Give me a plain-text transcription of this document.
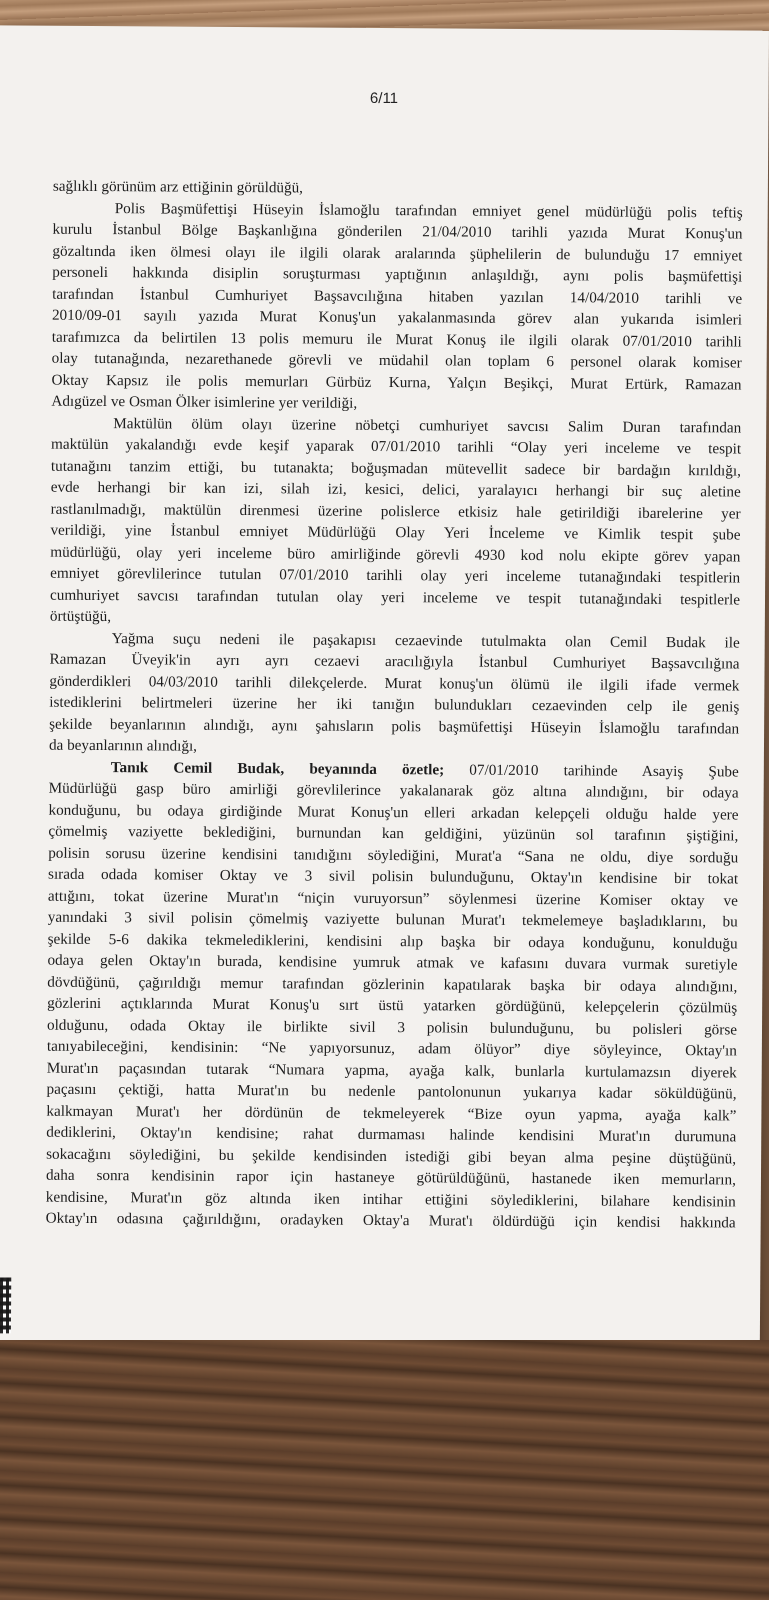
6/11
sağlıklı görünüm arz ettiğinin görüldüğü,
Polis Başmüfettişi Hüseyin İslamoğlu tarafından emniyet genel müdürlüğü polis teftiş
kurulu İstanbul Bölge Başkanlığına gönderilen 21/04/2010 tarihli yazıda Murat Konuş'un
gözaltında iken ölmesi olayı ile ilgili olarak aralarında şüphelilerin de bulunduğu 17 emniyet
personeli hakkında disiplin soruşturması yaptığının anlaşıldığı, aynı polis başmüfettişi
tarafından İstanbul Cumhuriyet Başsavcılığına hitaben yazılan 14/04/2010 tarihli ve
2010/09-01 sayılı yazıda Murat Konuş'un yakalanmasında görev alan yukarıda isimleri
tarafımızca da belirtilen 13 polis memuru ile Murat Konuş ile ilgili olarak 07/01/2010 tarihli
olay tutanağında, nezarethanede görevli ve müdahil olan toplam 6 personel olarak komiser
Oktay Kapsız ile polis memurları Gürbüz Kurna, Yalçın Beşikçi, Murat Ertürk, Ramazan
Adıgüzel ve Osman Ölker isimlerine yer verildiği,
Maktülün ölüm olayı üzerine nöbetçi cumhuriyet savcısı Salim Duran tarafından
maktülün yakalandığı evde keşif yaparak 07/01/2010 tarihli “Olay yeri inceleme ve tespit
tutanağını tanzim ettiği, bu tutanakta; boğuşmadan mütevellit sadece bir bardağın kırıldığı,
evde herhangi bir kan izi, silah izi, kesici, delici, yaralayıcı herhangi bir suç aletine
rastlanılmadığı, maktülün direnmesi üzerine polislerce etkisiz hale getirildiği ibarelerine yer
verildiği, yine İstanbul emniyet Müdürlüğü Olay Yeri İnceleme ve Kimlik tespit şube
müdürlüğü, olay yeri inceleme büro amirliğinde görevli 4930 kod nolu ekipte görev yapan
emniyet görevlilerince tutulan 07/01/2010 tarihli olay yeri inceleme tutanağındaki tespitlerin
cumhuriyet savcısı tarafından tutulan olay yeri inceleme ve tespit tutanağındaki tespitlerle
örtüştüğü,
Yağma suçu nedeni ile paşakapısı cezaevinde tutulmakta olan Cemil Budak ile
Ramazan Üveyik'in ayrı ayrı cezaevi aracılığıyla İstanbul Cumhuriyet Başsavcılığına
gönderdikleri 04/03/2010 tarihli dilekçelerde. Murat konuş'un ölümü ile ilgili ifade vermek
istediklerini belirtmeleri üzerine her iki tanığın bulundukları cezaevinden celp ile geniş
şekilde beyanlarının alındığı, aynı şahısların polis başmüfettişi Hüseyin İslamoğlu tarafından
da beyanlarının alındığı,
Tanık Cemil Budak, beyanında özetle; 07/01/2010 tarihinde Asayiş Şube
Müdürlüğü gasp büro amirliği görevlilerince yakalanarak göz altına alındığını, bir odaya
konduğunu, bu odaya girdiğinde Murat Konuş'un elleri arkadan kelepçeli olduğu halde yere
çömelmiş vaziyette beklediğini, burnundan kan geldiğini, yüzünün sol tarafının şiştiğini,
polisin sorusu üzerine kendisini tanıdığını söylediğini, Murat'a “Sana ne oldu, diye sorduğu
sırada odada komiser Oktay ve 3 sivil polisin bulunduğunu, Oktay'ın kendisine bir tokat
attığını, tokat üzerine Murat'ın “niçin vuruyorsun” söylenmesi üzerine Komiser oktay ve
yanındaki 3 sivil polisin çömelmiş vaziyette bulunan Murat'ı tekmelemeye başladıklarını, bu
şekilde 5-6 dakika tekmelediklerini, kendisini alıp başka bir odaya konduğunu, konulduğu
odaya gelen Oktay'ın burada, kendisine yumruk atmak ve kafasını duvara vurmak suretiyle
dövdüğünü, çağırıldığı memur tarafından gözlerinin kapatılarak başka bir odaya alındığını,
gözlerini açtıklarında Murat Konuş'u sırt üstü yatarken gördüğünü, kelepçelerin çözülmüş
olduğunu, odada Oktay ile birlikte sivil 3 polisin bulunduğunu, bu polisleri görse
tanıyabileceğini, kendisinin: “Ne yapıyorsunuz, adam ölüyor” diye söyleyince, Oktay'ın
Murat'ın paçasından tutarak “Numara yapma, ayağa kalk, bunlarla kurtulamazsın diyerek
paçasını çektiği, hatta Murat'ın bu nedenle pantolonunun yukarıya kadar söküldüğünü,
kalkmayan Murat'ı her dördünün de tekmeleyerek “Bize oyun yapma, ayağa kalk”
dediklerini, Oktay'ın kendisine; rahat durmaması halinde kendisini Murat'ın durumuna
sokacağını söylediğini, bu şekilde kendisinden istediği gibi beyan alma peşine düştüğünü,
daha sonra kendisinin rapor için hastaneye götürüldüğünü, hastanede iken memurların,
kendisine, Murat'ın göz altında iken intihar ettiğini söylediklerini, bilahare kendisinin
Oktay'ın odasına çağırıldığını, oradayken Oktay'a Murat'ı öldürdüğü için kendisi hakkında
